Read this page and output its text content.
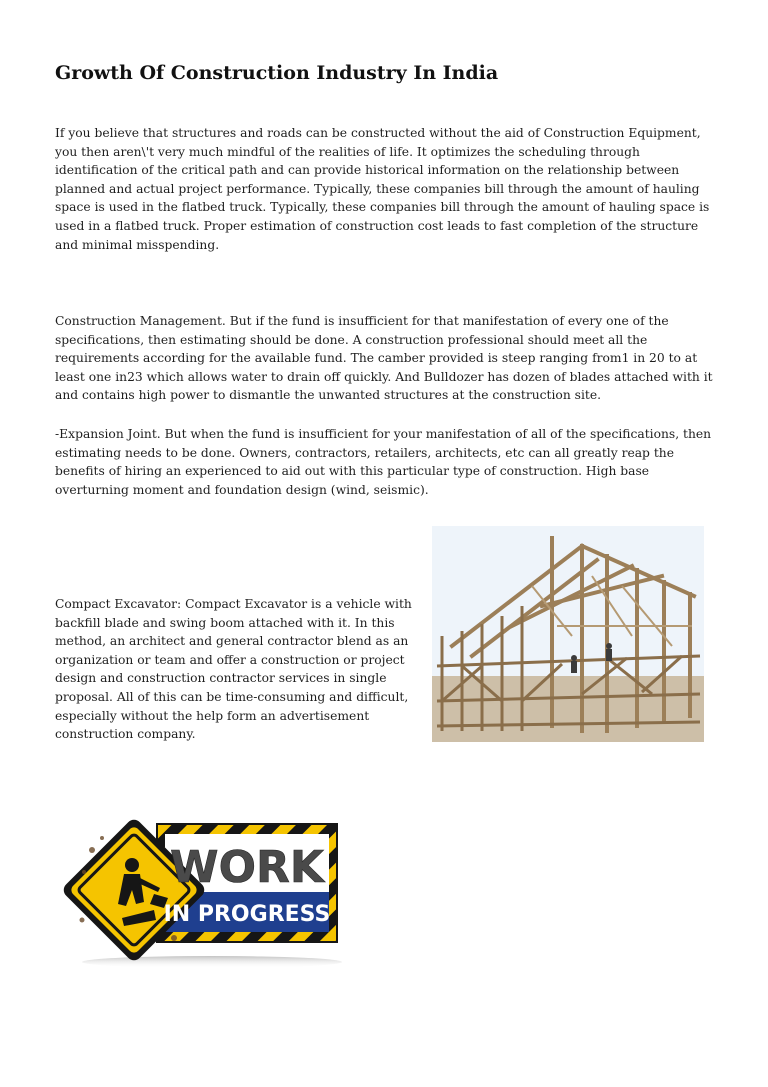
Growth Of Construction Industry In India

If you believe that structures and roads can be constructed without the aid of Construction Equipment, you then aren\'t very much mindful of the realities of life. It optimizes the scheduling through identification of the critical path and can provide historical information on the relationship between planned and actual project performance. Typically, these companies bill through the amount of hauling space is used in the flatbed truck. Typically, these companies bill through the amount of hauling space is used in a flatbed truck. Proper estimation of construction cost leads to fast completion of the structure and minimal misspending.

Construction Management. But if the fund is insufficient for that manifestation of every one of the specifications, then estimating should be done. A construction professional should meet all the requirements according for the available fund. The camber provided is steep ranging from1 in 20 to at least one in23 which allows water to drain off quickly. And Bulldozer has dozen of blades attached with it and contains high power to dismantle the unwanted structures at the construction site.

-Expansion Joint. But when the fund is insufficient for your manifestation of all of the specifications, then estimating needs to be done. Owners, contractors, retailers, architects, etc can all greatly reap the benefits of hiring an experienced to aid out with this particular type of construction. High base overturning moment and foundation design (wind, seismic).

Compact Excavator: Compact Excavator is a vehicle with backfill blade and swing boom attached with it. In this method, an architect and general contractor blend as an organization or team and offer a construction or project design and construction contractor services in single proposal. All of this can be time-consuming and difficult, especially without the help form an advertisement construction company.

WORK
IN PROGRESS
